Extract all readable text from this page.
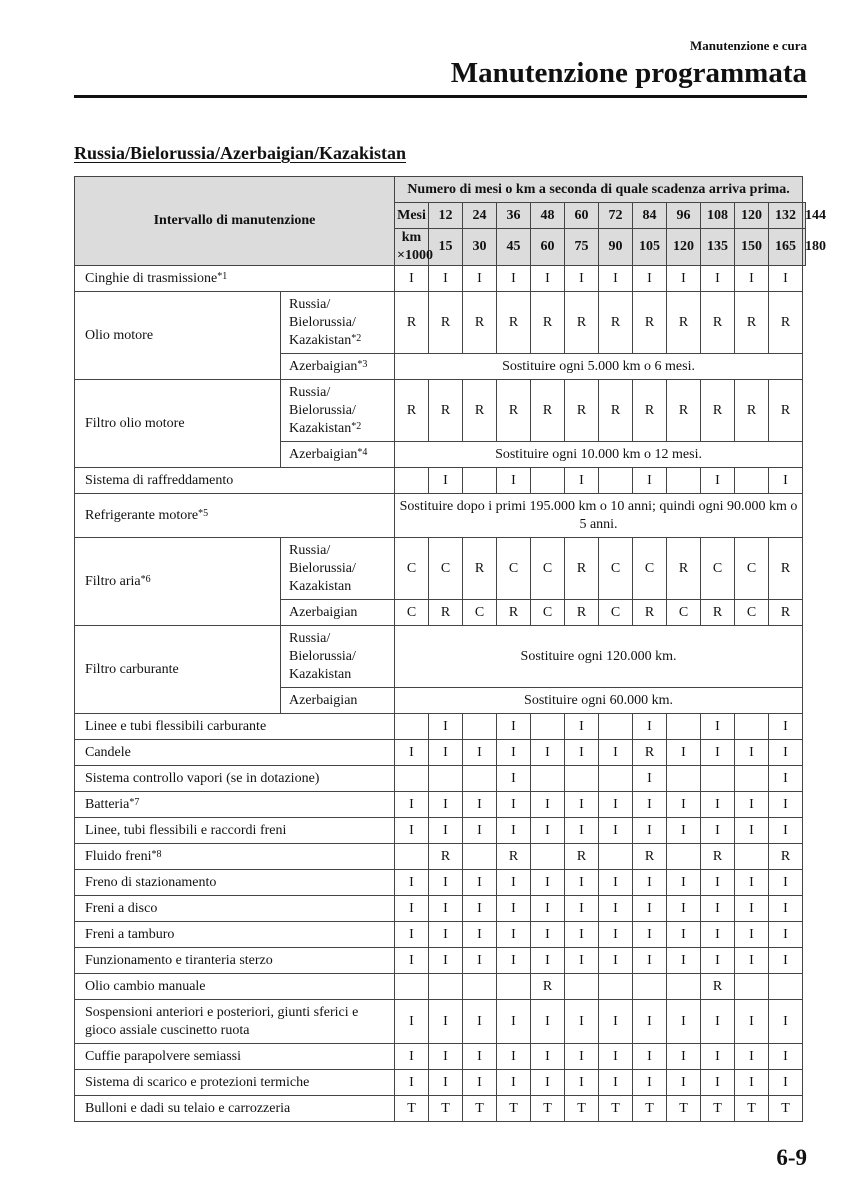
Manutenzione e cura
Manutenzione programmata
Russia/Bielorussia/Azerbaigian/Kazakistan
Intervallo di manutenzione		Numero di mesi o km a seconda di quale scadenza arriva prima.												
		Mesi	12	24	36	48	60	72	84	96	108	120	132	144
		km ×1000	15	30	45	60	75	90	105	120	135	150	165	180
Cinghie di trasmissione$^{*1}$		I	I	I	I	I	I	I	I	I	I	I	I	
Olio motore	Russia/
Bielorussia/
Kazakistan$^{*2}$	R	R	R	R	R	R	R	R	R	R	R	R	
	Azerbaigian$^{*3}$	Sostituire ogni 5.000 km o 6 mesi.												
Filtro olio motore	Russia/
Bielorussia/
Kazakistan$^{*2}$	R	R	R	R	R	R	R	R	R	R	R	R	
	Azerbaigian$^{*4}$	Sostituire ogni 10.000 km o 12 mesi.												
Sistema di raffreddamento			I		I		I		I		I		I	
Refrigerante motore$^{*5}$		Sostituire dopo i primi 195.000 km o 10 anni; quindi ogni 90.000 km o 5 anni.												
Filtro aria$^{*6}$	Russia/
Bielorussia/
Kazakistan	C	C	R	C	C	R	C	C	R	C	C	R	
	Azerbaigian	C	R	C	R	C	R	C	R	C	R	C	R	
Filtro carburante	Russia/
Bielorussia/
Kazakistan	Sostituire ogni 120.000 km.												
	Azerbaigian	Sostituire ogni 60.000 km.												
Linee e tubi flessibili carburante			I		I		I		I		I		I	
Candele		I	I	I	I	I	I	I	R	I	I	I	I	
Sistema controllo vapori (se in dotazione)					I				I				I	
Batteria$^{*7}$		I	I	I	I	I	I	I	I	I	I	I	I	
Linee, tubi flessibili e raccordi freni		I	I	I	I	I	I	I	I	I	I	I	I	
Fluido freni$^{*8}$			R		R		R		R		R		R	
Freno di stazionamento		I	I	I	I	I	I	I	I	I	I	I	I	
Freni a disco		I	I	I	I	I	I	I	I	I	I	I	I	
Freni a tamburo		I	I	I	I	I	I	I	I	I	I	I	I	
Funzionamento e tiranteria sterzo		I	I	I	I	I	I	I	I	I	I	I	I	
Olio cambio manuale						R					R			
Sospensioni anteriori e posteriori, giunti sferici e gioco assiale cuscinetto ruota		I	I	I	I	I	I	I	I	I	I	I	I	
Cuffie parapolvere semiassi		I	I	I	I	I	I	I	I	I	I	I	I	
Sistema di scarico e protezioni termiche		I	I	I	I	I	I	I	I	I	I	I	I	
Bulloni e dadi su telaio e carrozzeria		T	T	T	T	T	T	T	T	T	T	T	T	
6-9
